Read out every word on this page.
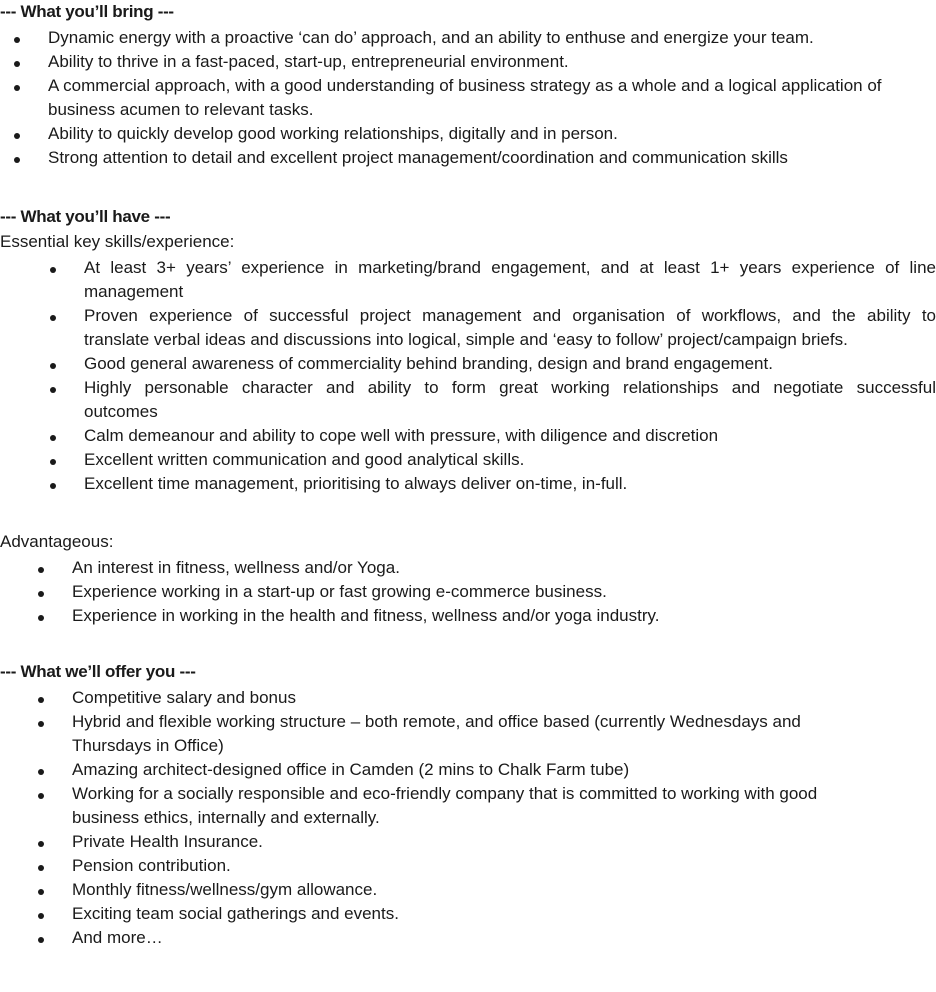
--- What you’ll bring ---
Dynamic energy with a proactive ‘can do’ approach, and an ability to enthuse and energize your team.
Ability to thrive in a fast-paced, start-up, entrepreneurial environment.
A commercial approach, with a good understanding of business strategy as a whole and a logical application of
business acumen to relevant tasks.
Ability to quickly develop good working relationships, digitally and in person.
Strong attention to detail and excellent project management/coordination and communication skills
--- What you’ll have ---

Essential key skills/experience:

At least 3+ years’ experience in marketing/brand engagement, and at least 1+ years experience of line
management
Proven experience of successful project management and organisation of workflows, and the ability to
translate verbal ideas and discussions into logical, simple and ‘easy to follow’ project/campaign briefs.
Good general awareness of commerciality behind branding, design and brand engagement.
Highly personable character and ability to form great working relationships and negotiate successful
outcomes
Calm demeanour and ability to cope well with pressure, with diligence and discretion
Excellent written communication and good analytical skills.
Excellent time management, prioritising to always deliver on-time, in-full.

Advantageous:

An interest in fitness, wellness and/or Yoga.
Experience working in a start-up or fast growing e-commerce business.
Experience in working in the health and fitness, wellness and/or yoga industry.
--- What we’ll offer you ---
Competitive salary and bonus
Hybrid and flexible working structure – both remote, and office based (currently Wednesdays and
Thursdays in Office)
Amazing architect-designed office in Camden (2 mins to Chalk Farm tube)
Working for a socially responsible and eco-friendly company that is committed to working with good
business ethics, internally and externally.
Private Health Insurance.
Pension contribution.
Monthly fitness/wellness/gym allowance.
Exciting team social gatherings and events.
And more…
